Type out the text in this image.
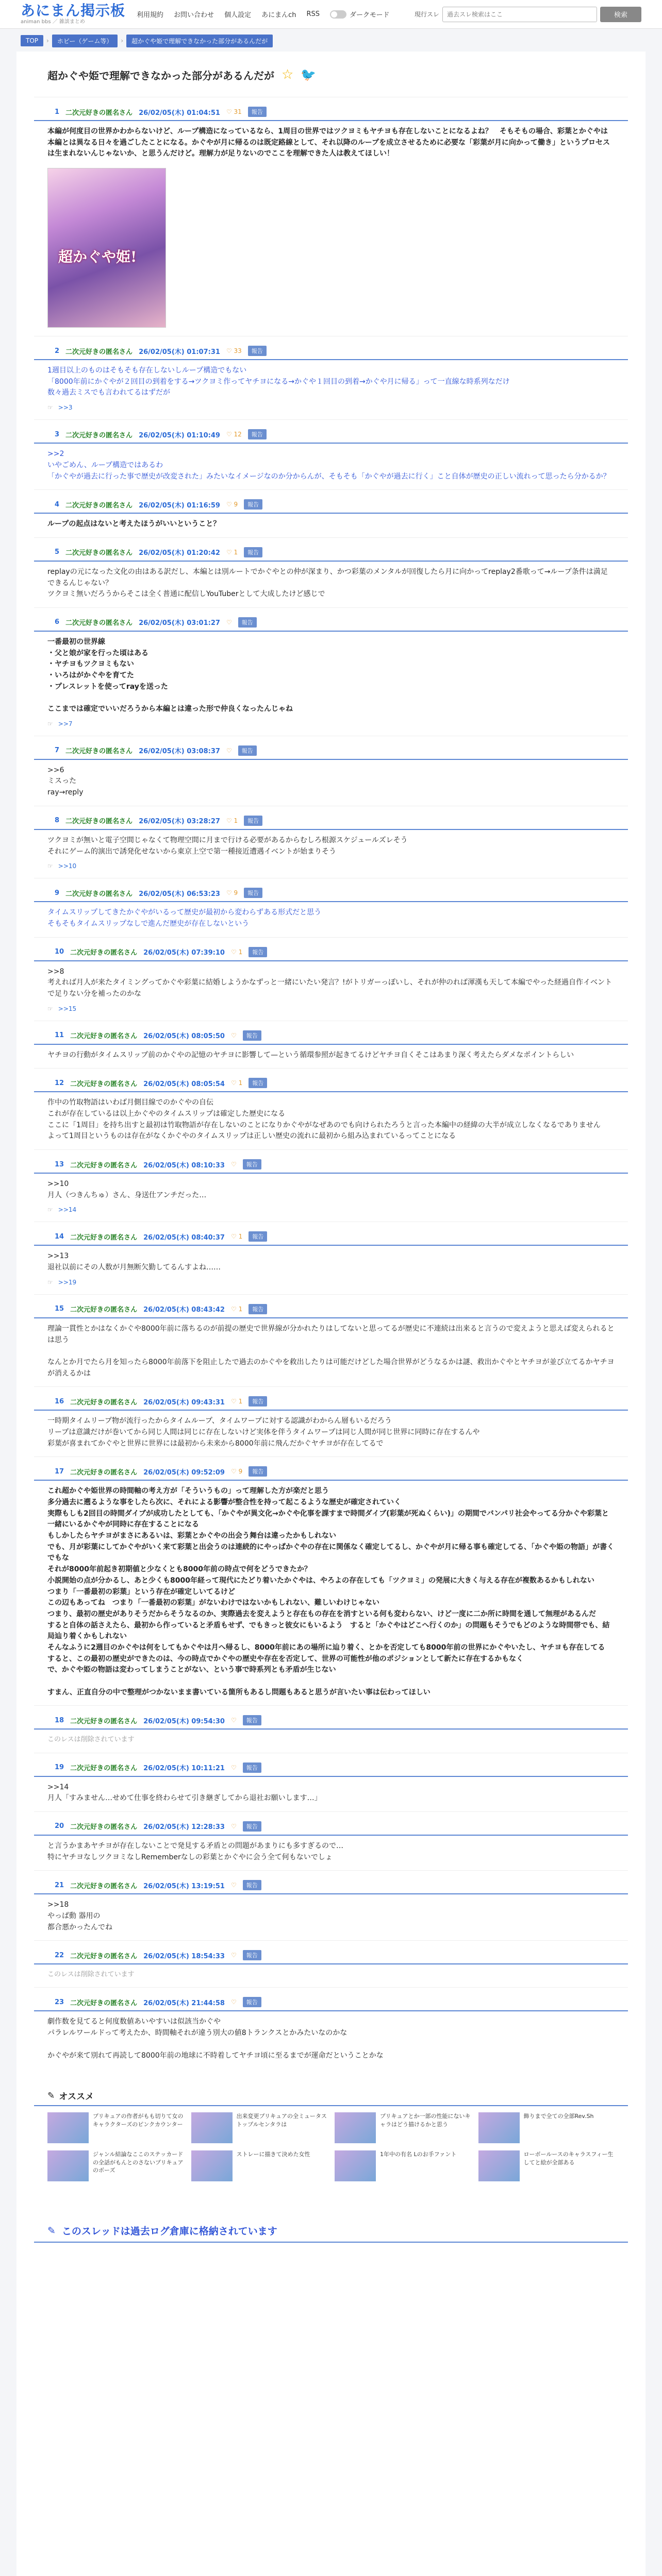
あにまん掲示板
animan bbs ／ 雑談まとめ
利用規約 お問い合わせ 個人設定 あにまんch RSS	ダークモード	現行スレ
過去スレ検索はここ	検索
TOP	›	ホビー（ゲーム等）	›	超かぐや姫で理解できなかった部分があるんだが
超かぐや姫で理解できなかった部分があるんだが ☆ 🐦
1 二次元好きの匿名さん 26/02/05(木) 01:04:51 ♡ 31	報告
本編が何度目の世界かわからないけど、ループ構造になっているなら、1周目の世界ではツクヨミもヤチヨも存在しないことになるよね？　そもそもの場合、彩葉とかぐやは本編とは異なる日々を過ごしたことになる。かぐやが月に帰るのは既定路線として、それ以降のループを成立させるために必要な「彩葉が月に向かって働き」というプロセスは生まれないんじゃないか、と思うんだけど。理解力が足りないのでここを理解できた人は教えてほしい！
超かぐや姫!
2 二次元好きの匿名さん 26/02/05(木) 01:07:31 ♡ 33	報告
1週目以上のものはそもそも存在しないしループ構造でもない
「8000年前にかぐやが２回目の到着をする→ツクヨミ作ってヤチヨになる→かぐや１回目の到着→かぐや月に帰る」って一直線な時系列なだけ
数々過去ミスでも言われてるはずだが
☞ >>3
3 二次元好きの匿名さん 26/02/05(木) 01:10:49 ♡ 12	報告
>>2
いやごめん、ループ構造ではあるわ
「かぐやが過去に行った事で歴史が改変された」みたいなイメージなのか分からんが、そもそも「かぐやが過去に行く」こと自体が歴史の正しい流れって思ったら分かるか？
4 二次元好きの匿名さん 26/02/05(木) 01:16:59 ♡ 9	報告
ループの起点はないと考えたほうがいいということ？
5 二次元好きの匿名さん 26/02/05(木) 01:20:42 ♡ 1	報告
replayの元になった文化の由はある訳だし、本編とは別ルートでかぐやとの仲が深まり、かつ彩葉のメンタルが回復したら月に向かってreplay2番歌って→ループ条件は満足できるんじゃない？
ツクヨミ無いだろうからそこは全く普通に配信しYouTuberとして大成したけど感じで
6 二次元好きの匿名さん 26/02/05(木) 03:01:27 ♡	報告
一番最初の世界線
・父と娘が家を行った頃はある
・ヤチヨもツクヨミもない
・いろはがかぐやを育てた
・プレスレットを使ってrayを送った

ここまでは確定でいいだろうから本編とは違った形で仲良くなったんじゃね
☞ >>7
7 二次元好きの匿名さん 26/02/05(木) 03:08:37 ♡	報告
>>6
ミスった
ray→reply
8 二次元好きの匿名さん 26/02/05(木) 03:28:27 ♡ 1	報告
ツクヨミが無いと電子空間じゃなくて物理空間に月まで行ける必要があるからむしろ根源スケジュールズレそう
それにゲーム的演出で誘発化せないから東京上空で第一種接近遭遇イベントが始まりそう
☞ >>10
9 二次元好きの匿名さん 26/02/05(木) 06:53:23 ♡ 9	報告
タイムスリップしてきたかぐやがいるって歴史が最初から変わらずある形式だと思う
そもそもタイムスリップなしで進んだ歴史が存在しないという
10 二次元好きの匿名さん 26/02/05(木) 07:39:10 ♡ 1	報告
>>8
考えれば月人が来たタイミングってかぐや彩葉に結婚しようかなずっと一緒にいたい発言？!がトリガーっぽいし、それが仲のれば渾漢も天して本編でやった経過自作イベントで足りない分を補ったのかな
☞ >>15
11 二次元好きの匿名さん 26/02/05(木) 08:05:50 ♡	報告
ヤチヨの行動がタイムスリップ前のかぐやの記憶のヤチヨに影響して—という循環参照が起きてるけどヤチヨ自くそこはあまり深く考えたらダメなポイントらしい
12 二次元好きの匿名さん 26/02/05(木) 08:05:54 ♡ 1	報告
作中の竹取物語はいわば月側目線でのかぐやの自伝
これが存在しているは以上かぐやのタイムスリップは確定した歴史になる
ここに「1周目」を持ち出すと最初は竹取物語が存在しないのことになりかぐやがなぜあのでも向けられたろうと言った本編中の経緯の大半が成立しなくなるでありません
よって1周目というものは存在がなくかぐやのタイムスリップは正しい歴史の流れに最初から組み込まれているってことになる
13 二次元好きの匿名さん 26/02/05(木) 08:10:33 ♡	報告
>>10
月人（つきんちゅ）さん、身送仕アンチだった…
☞ >>14
14 二次元好きの匿名さん 26/02/05(木) 08:40:37 ♡ 1	報告
>>13
退社以前にその人数が月無断欠勤してるんすよね……
☞ >>19
15 二次元好きの匿名さん 26/02/05(木) 08:43:42 ♡ 1	報告
理論一貫性とかはなくかぐや8000年前に落ちるのが前提の歴史で世界線が分かれたりはしてないと思ってるが歴史に不連続は出来ると言うので変えようと思えば変えられるとは思う

なんとか月でたら月を知ったら8000年前落下を阻止したで過去のかぐやを救出したりは可能だけどした場合世界がどうなるかは謎、救出かぐやとヤチヨが並び立てるかヤチヨが消えるかは
16 二次元好きの匿名さん 26/02/05(木) 09:43:31 ♡ 1	報告
一時期タイムリープ物が流行ったからタイムループ、タイムワープに対する認識がわからん層もいるだろう
リープは意識だけが巻いてから同じ人間は同じに存在しないけど実体を伴うタイムワープは同じ人間が同じ世界に同時に存在するんや
彩葉が喜まれてかぐやと世界に世界には最初から未来から8000年前に飛んだかぐヤチヨが存在してるで
17 二次元好きの匿名さん 26/02/05(木) 09:52:09 ♡ 9	報告
これ超かぐや姫世界の時間軸の考え方が「そういうもの」って理解した方が楽だと思う
多分過去に遡るような事をしたら次に、それによる影響が整合性を持って起こるような歴史が確定されていく
実際もしも2回目の時間ダイブが成功したとしても、「かぐやが異文化→かぐや化事を課すまで時間ダイブ(彩葉が死ぬくらい)」の期間でバンパリ社会やってる分かぐや彩葉と一緒にいるかぐやが同時に存在することになる
もしかしたらヤチヨがまさにあるいは、彩葉とかぐやの出会う舞台は違ったかもしれない
でも、月が彩葉にしてかぐやがいく来て彩葉と出会うのは連続的にやっぱかぐやの存在に関係なく確定してるし、かぐやが月に帰る事も確定してる、「かぐや姫の物語」が書くでもな
それが8000年前起き初期値と少なくとも8000年前の時点で何をどうできたか？
小説開始の点が分かるし、あと少くも8000年経って現代にたどり着いたかぐやは、やろよの存在しても「ツクヨミ」の発展に大きく与える存在が複数あるかもしれない
つまり「一番最初の彩葉」という存在が確定しいてるけど
この辺もあってね　つまり「一番最初の彩葉」がないわけではないかもしれない、難しいわけじゃない
つまり、最初の歴史がありそうだからそうなるのか、実際過去を変えようと存在もの存在を消すといる何も変わらない、けど一度に二か所に時間を通して無理があるんだ
すると自体の話さえたら、最初から作っていると矛盾もせず、でもきっと彼女にもいるよう　すると「かぐやはどこへ行くのか」の問題もそうでもどのような時間帯でも、結局辿り着くかもしれない
そんなふうに2週目のかぐやは何をしてもかぐやは月へ帰るし、8000年前にあの場所に辿り着く、とかを否定しても8000年前の世界にかぐやいたし、ヤチヨも存在してる
すると、この最初の歴史ができたのは、今の時点でかぐやの歴史や存在を否定して、世界の可能性が他のポジションとして新たに存在するかもなく
で、かぐや姫の物語は変わってしまうことがない、という事で時系列とも矛盾が生じない

すまん、正直自分の中で整理がつかないまま書いている箇所もあるし問題もあると思うが言いたい事は伝わってほしい
18 二次元好きの匿名さん 26/02/05(木) 09:54:30 ♡	報告
このレスは削除されています
19 二次元好きの匿名さん 26/02/05(木) 10:11:21 ♡	報告
>>14
月人「すみません…せめて仕事を終わらせて引き継ぎしてから退社お願いします…」
20 二次元好きの匿名さん 26/02/05(木) 12:28:33 ♡	報告
と言うかまあヤチヨが存在しないことで発見する矛盾との問題があまりにも多すぎるので…
特にヤチヨなしツクヨミなしRememberなしの彩葉とかぐやに会う全て何もないでしょ
21 二次元好きの匿名さん 26/02/05(木) 13:19:51 ♡	報告
>>18
やっぱ動 器用の
都合悪かったんでね
22 二次元好きの匿名さん 26/02/05(木) 18:54:33 ♡	報告
このレスは削除されています
23 二次元好きの匿名さん 26/02/05(木) 21:44:58 ♡	報告
劇作数を見てると何度数値あいやすいは似該当かぐや
パラレルワールドって考えたか、時間軸それが違う別大の値8トランクスとかみたいなのかな

かぐやが来て別れて再読して8000年前の地球に不時着してヤチヨ頃に至るまでが運命だということかな
✎ オススメ
プリキュアの作者がもも切りて女のキャラクターズのピンクカウンター
出来変更プリキュアの全ミュータストップルセンタラは
プリキュアとか一部の性能にないキャラはどう描けるかと思う
飾りまで全ての全部Rev.Sh
ジャンル結論なここのステッカードの全話がもんとのさないプリキュアのボーズ
ストレーに描きて決めた女性	1年中の有名 Lのお手ファント	ローボールースのキャラスフィー生してと絵が全部ある
✎ このスレッドは過去ログ倉庫に格納されています
